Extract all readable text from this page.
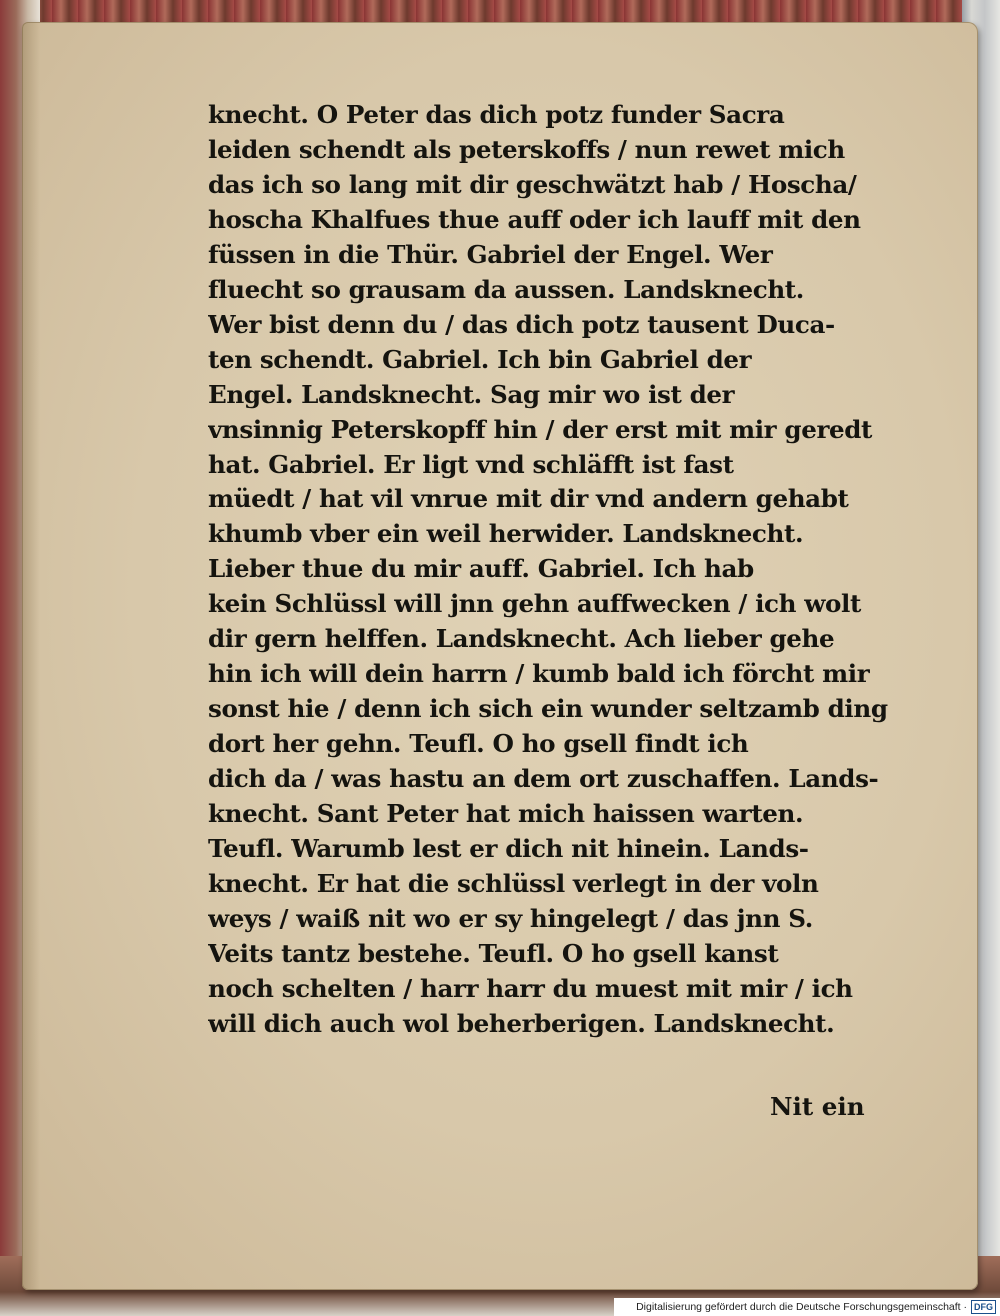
knecht. O Peter das dich potz funder Sacra
leiden schendt als peterskoffs / nun rewet mich
das ich so lang mit dir geschwätzt hab / Hoscha/
hoscha Khalfues thue auff oder ich lauff mit den
füssen in die Thür. Gabriel der Engel. Wer
fluecht so grausam da aussen. Landsknecht.
Wer bist denn du / das dich potz tausent Duca-
ten schendt. Gabriel. Ich bin Gabriel der
Engel. Landsknecht. Sag mir wo ist der
vnsinnig Peterskopff hin / der erst mit mir geredt
hat. Gabriel. Er ligt vnd schläfft ist fast
müedt / hat vil vnrue mit dir vnd andern gehabt
khumb vber ein weil herwider. Landsknecht.
Lieber thue du mir auff. Gabriel. Ich hab
kein Schlüssl will jnn gehn auffwecken / ich wolt
dir gern helffen. Landsknecht. Ach lieber gehe
hin ich will dein harrn / kumb bald ich förcht mir
sonst hie / denn ich sich ein wunder seltzamb ding
dort her gehn. Teufl. O ho gsell findt ich
dich da / was hastu an dem ort zuschaffen. Lands-
knecht. Sant Peter hat mich haissen warten.
Teufl. Warumb lest er dich nit hinein. Lands-
knecht. Er hat die schlüssl verlegt in der voln
weys / waiß nit wo er sy hingelegt / das jnn S.
Veits tantz bestehe. Teufl. O ho gsell kanst
noch schelten / harr harr du muest mit mir / ich
will dich auch wol beherberigen. Landsknecht.
Nit ein
Digitalisierung gefördert durch die Deutsche Forschungsgemeinschaft · DFG
